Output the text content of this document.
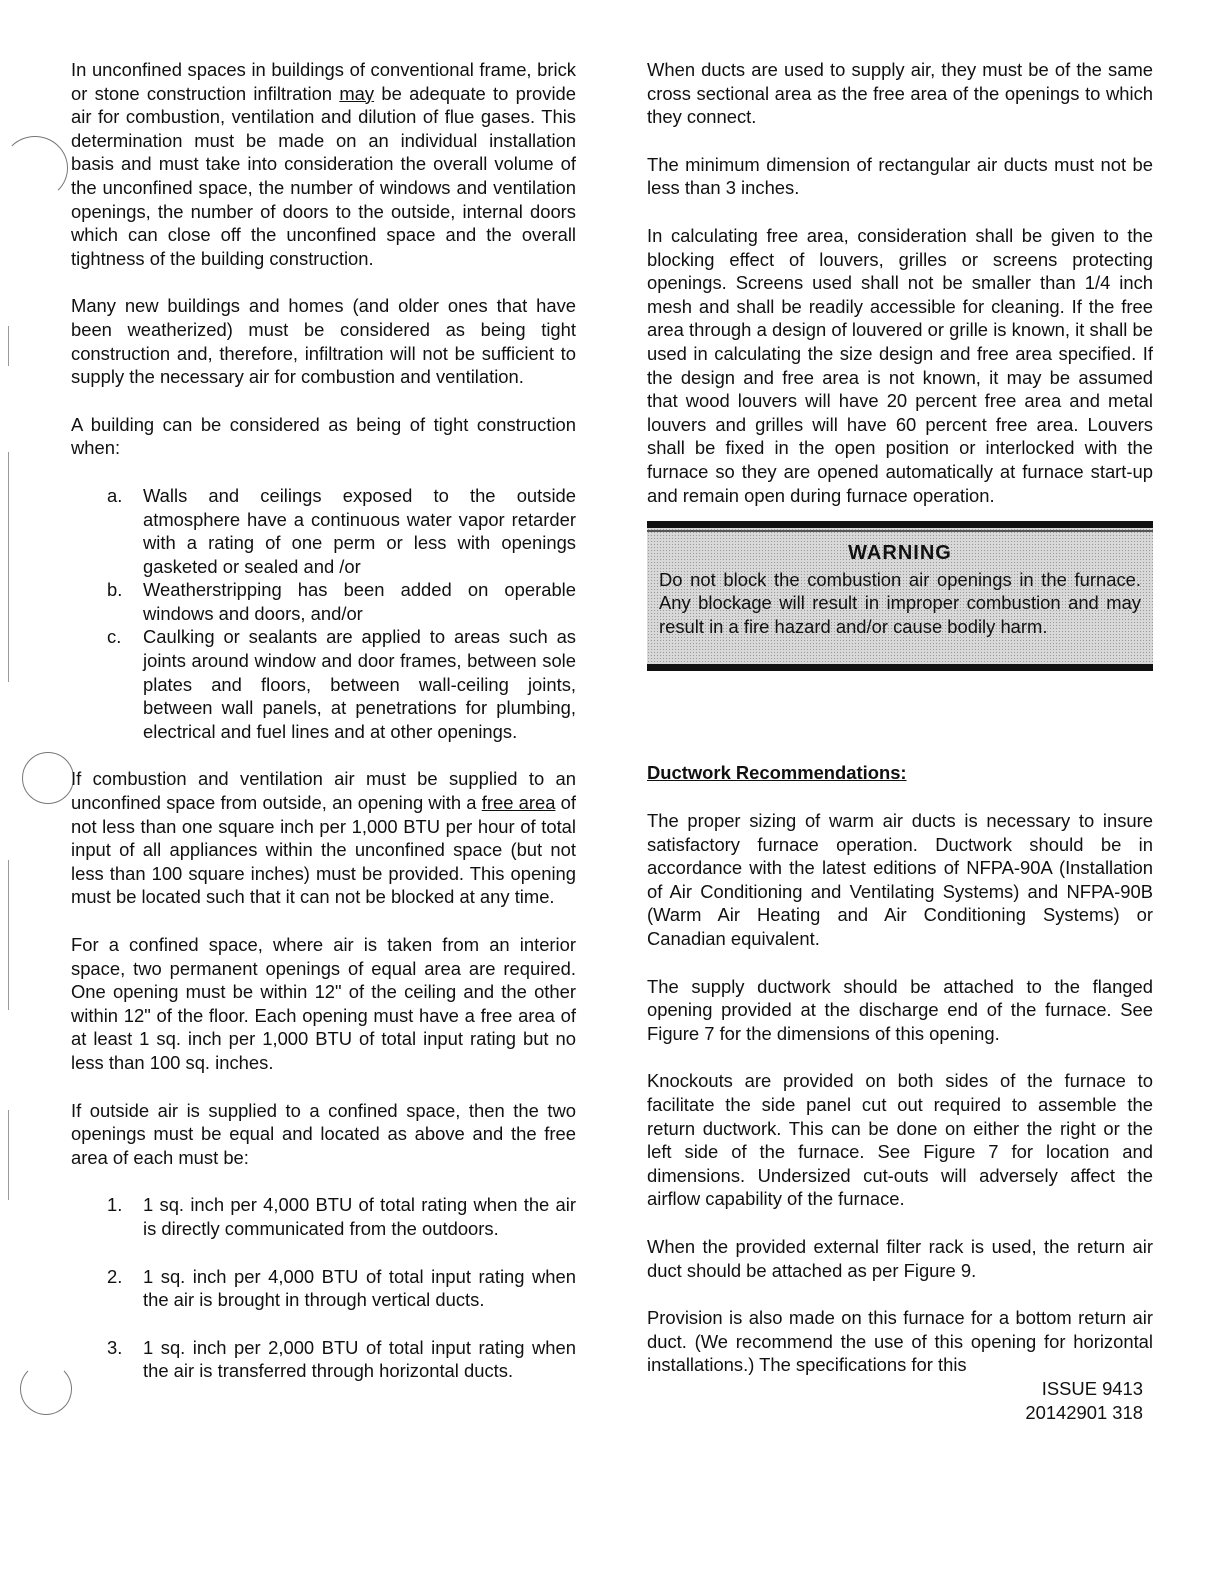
In unconfined spaces in buildings of conventional frame, brick or stone construction infiltration may be adequate to provide air for combustion, ventilation and dilution of flue gases. This determination must be made on an individual installation basis and must take into consideration the overall volume of the unconfined space, the number of windows and ventilation openings, the number of doors to the outside, internal doors which can close off the unconfined space and the overall tightness of the building construction.

Many new buildings and homes (and older ones that have been weatherized) must be considered as being tight construction and, therefore, infiltration will not be sufficient to supply the necessary air for combustion and ventilation.

A building can be considered as being of tight construction when:

a. Walls and ceilings exposed to the outside atmosphere have a continuous water vapor retarder with a rating of one perm or less with openings gasketed or sealed and /or
b. Weatherstripping has been added on operable windows and doors, and/or
c. Caulking or sealants are applied to areas such as joints around window and door frames, between sole plates and floors, between wall-ceiling joints, between wall panels, at penetrations for plumbing, electrical and fuel lines and at other openings.

If combustion and ventilation air must be supplied to an unconfined space from outside, an opening with a free area of not less than one square inch per 1,000 BTU per hour of total input of all appliances within the unconfined space (but not less than 100 square inches) must be provided. This opening must be located such that it can not be blocked at any time.

For a confined space, where air is taken from an interior space, two permanent openings of equal area are required. One opening must be within 12" of the ceiling and the other within 12" of the floor. Each opening must have a free area of at least 1 sq. inch per 1,000 BTU of total input rating but no less than 100 sq. inches.

If outside air is supplied to a confined space, then the two openings must be equal and located as above and the free area of each must be:

1. 1 sq. inch per 4,000 BTU of total rating when the air is directly communicated from the outdoors.
2. 1 sq. inch per 4,000 BTU of total input rating when the air is brought in through vertical ducts.
3. 1 sq. inch per 2,000 BTU of total input rating when the air is transferred through horizontal ducts.

When ducts are used to supply air, they must be of the same cross sectional area as the free area of the openings to which they connect.

The minimum dimension of rectangular air ducts must not be less than 3 inches.

In calculating free area, consideration shall be given to the blocking effect of louvers, grilles or screens protecting openings. Screens used shall not be smaller than 1/4 inch mesh and shall be readily accessible for cleaning. If the free area through a design of louvered or grille is known, it shall be used in calculating the size design and free area specified. If the design and free area is not known, it may be assumed that wood louvers will have 20 percent free area and metal louvers and grilles will have 60 percent free area. Louvers shall be fixed in the open position or interlocked with the furnace so they are opened automatically at furnace start-up and remain open during furnace operation.

WARNING
Do not block the combustion air openings in the furnace. Any blockage will result in improper combustion and may result in a fire hazard and/or cause bodily harm.
Ductwork Recommendations:

The proper sizing of warm air ducts is necessary to insure satisfactory furnace operation. Ductwork should be in accordance with the latest editions of NFPA-90A (Installation of Air Conditioning and Ventilating Systems) and NFPA-90B (Warm Air Heating and Air Conditioning Systems) or Canadian equivalent.

The supply ductwork should be attached to the flanged opening provided at the discharge end of the furnace. See Figure 7 for the dimensions of this opening.

Knockouts are provided on both sides of the furnace to facilitate the side panel cut out required to assemble the return ductwork. This can be done on either the right or the left side of the furnace. See Figure 7 for location and dimensions. Undersized cut-outs will adversely affect the airflow capability of the furnace.

When the provided external filter rack is used, the return air duct should be attached as per Figure 9.

Provision is also made on this furnace for a bottom return air duct. (We recommend the use of this opening for horizontal installations.) The specifications for this

ISSUE 9413
20142901 318
